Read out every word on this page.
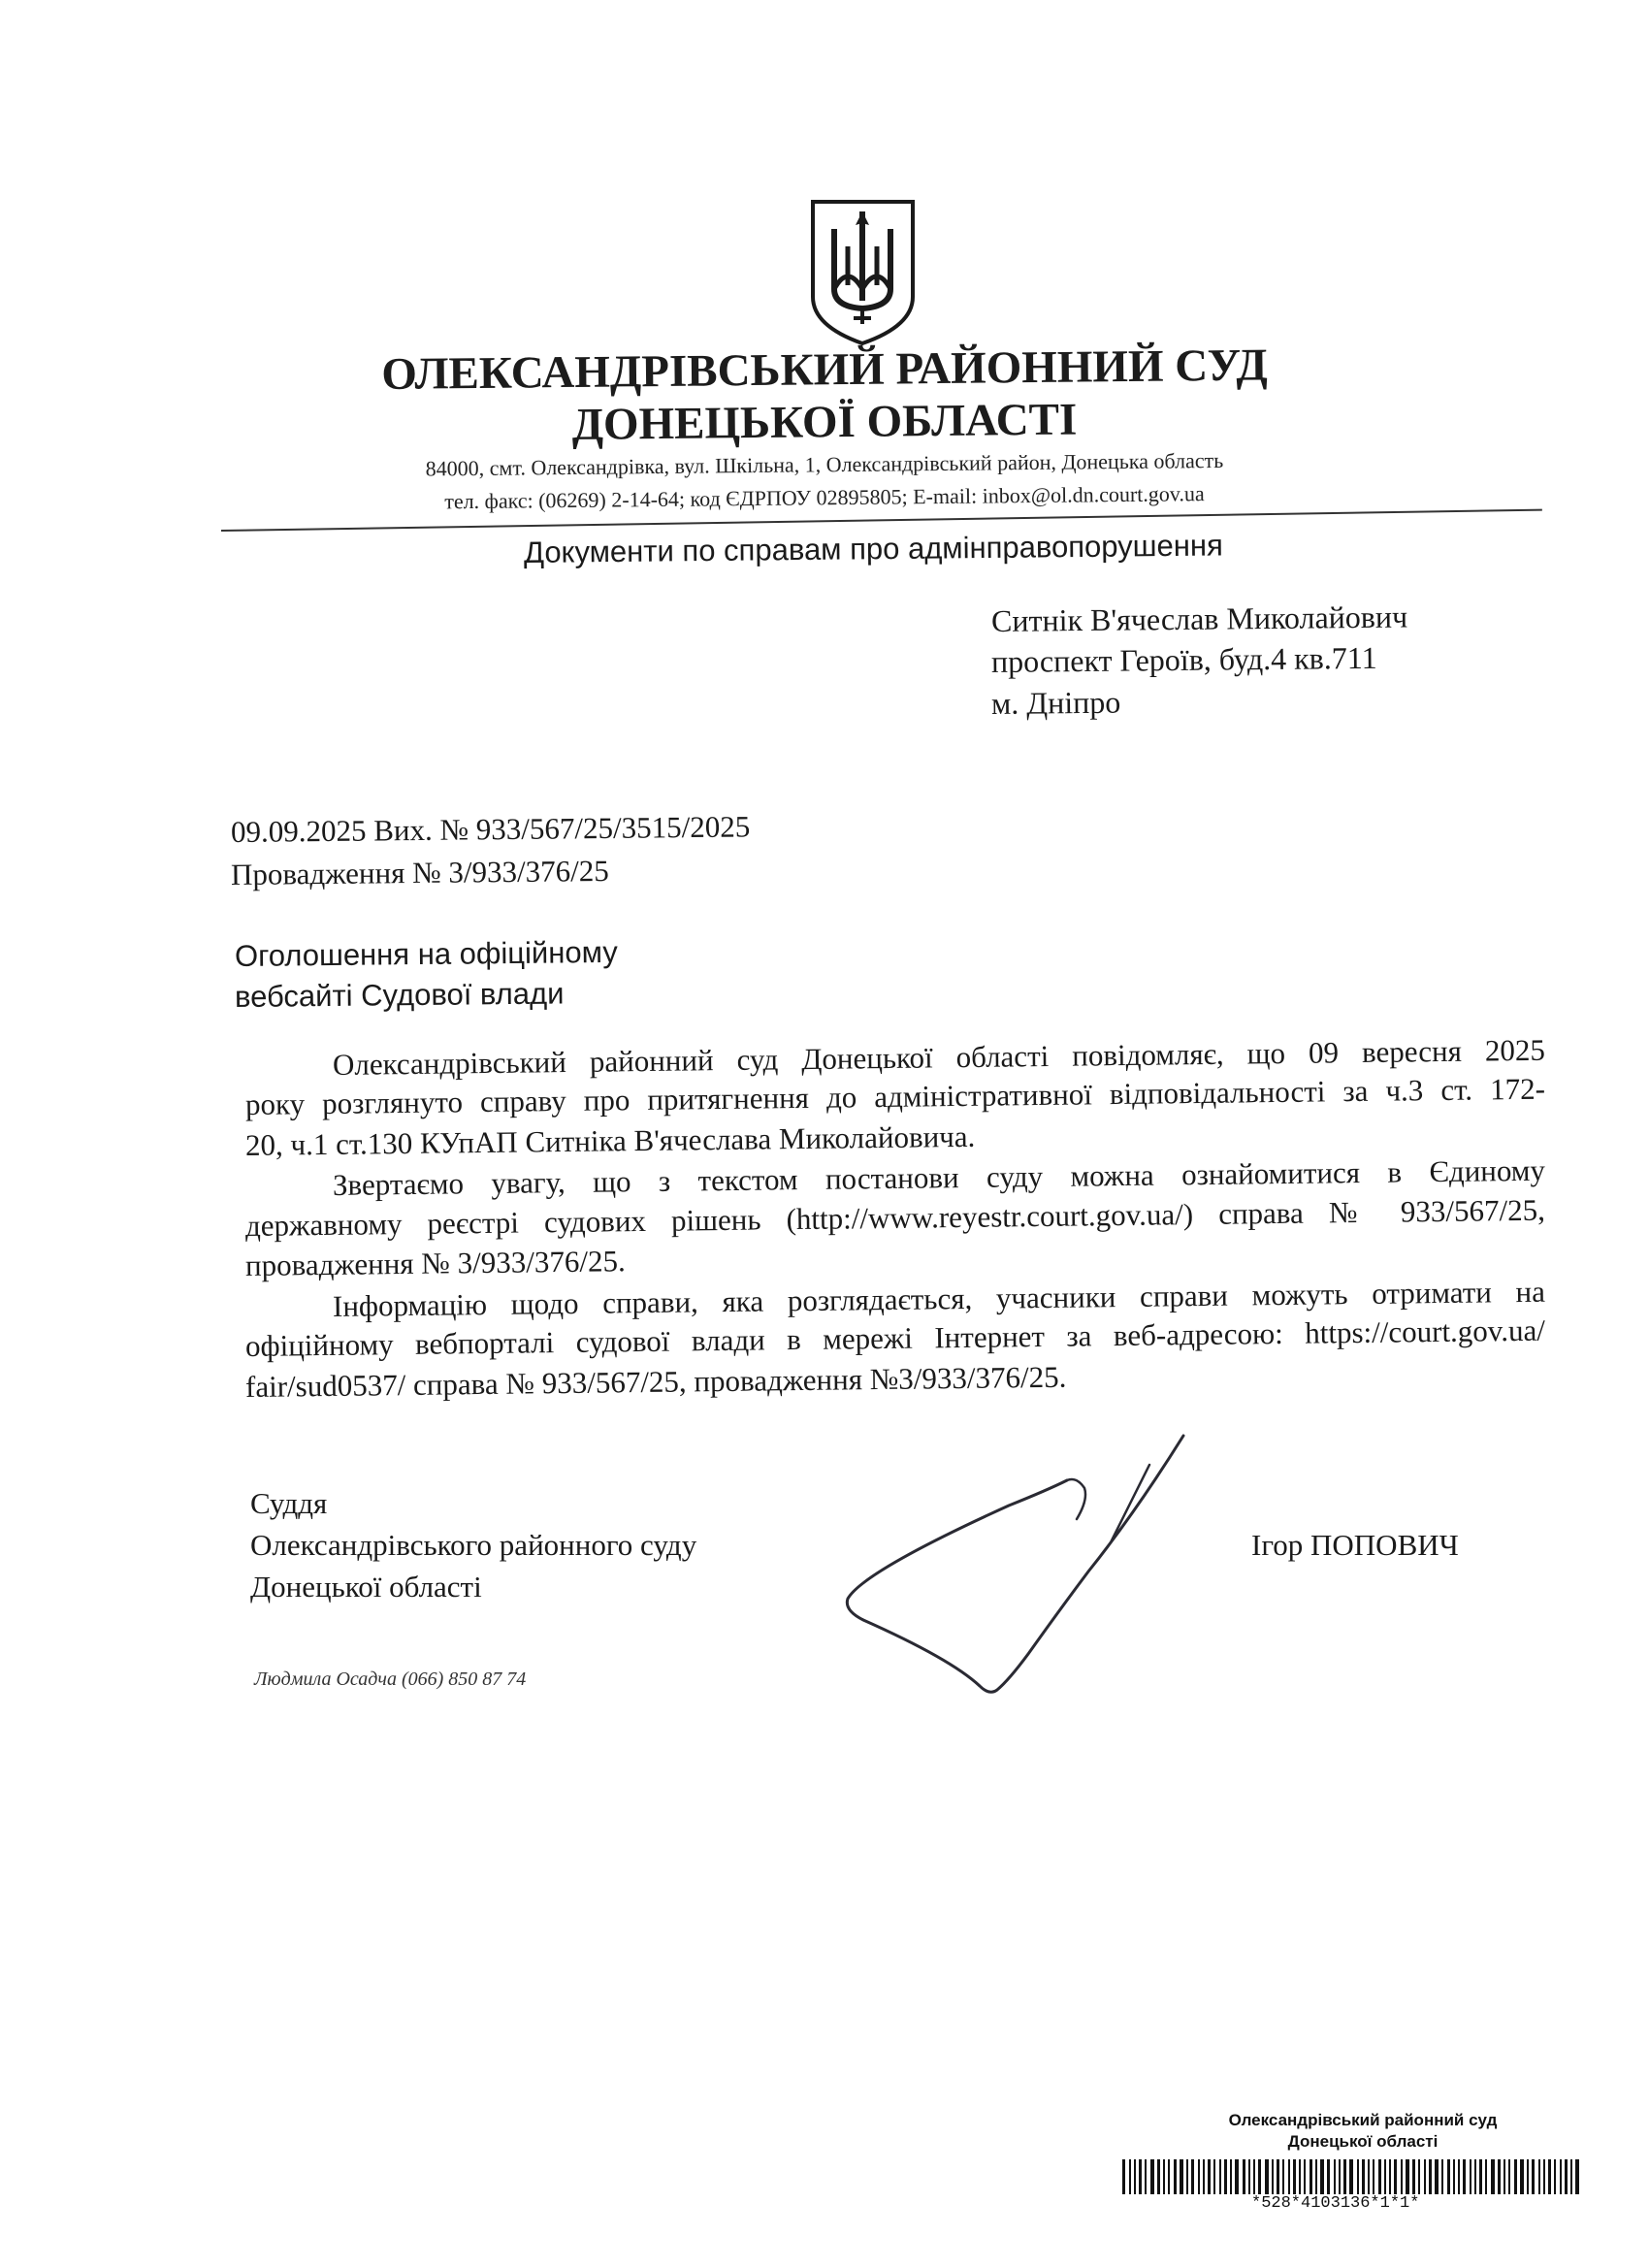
ОЛЕКСАНДРІВСЬКИЙ РАЙОННИЙ СУД
ДОНЕЦЬКОЇ ОБЛАСТІ
84000, смт. Олександрівка, вул. Шкільна, 1, Олександрівський район, Донецька область
тел. факс: (06269) 2-14-64; код ЄДРПОУ 02895805; E-mail: inbox@ol.dn.court.gov.ua
Документи по справам про адмінправопорушення
Ситнік В'ячеслав Миколайович
проспект Героїв, буд.4 кв.711
м. Дніпро
09.09.2025 Вих. № 933/567/25/3515/2025
Провадження № 3/933/376/25
Оголошення на офіційному
вебсайті Судової влади
Олександрівський районний суд Донецької області повідомляє, що 09 вересня 2025
року розглянуто справу про притягнення до адміністративної відповідальності за ч.3 ст. 172-
20, ч.1 ст.130 КУпАП Ситніка В'ячеслава Миколайовича.
Звертаємо увагу, що з текстом постанови суду можна ознайомитися в Єдиному
державному реєстрі судових рішень (http://www.reyestr.court.gov.ua/) справа № 933/567/25,
провадження № 3/933/376/25.
Інформацію щодо справи, яка розглядається, учасники справи можуть отримати на
офіційному вебпорталі судової влади в мережі Інтернет за веб-адресою: https://court.gov.ua/
fair/sud0537/ справа № 933/567/25, провадження №3/933/376/25.
Суддя
Олександрівського районного суду
Донецької області
Ігор ПОПОВИЧ
Людмила Осадча (066) 850 87 74
Олександрівський районний суд
Донецької області
*528*4103136*1*1*
